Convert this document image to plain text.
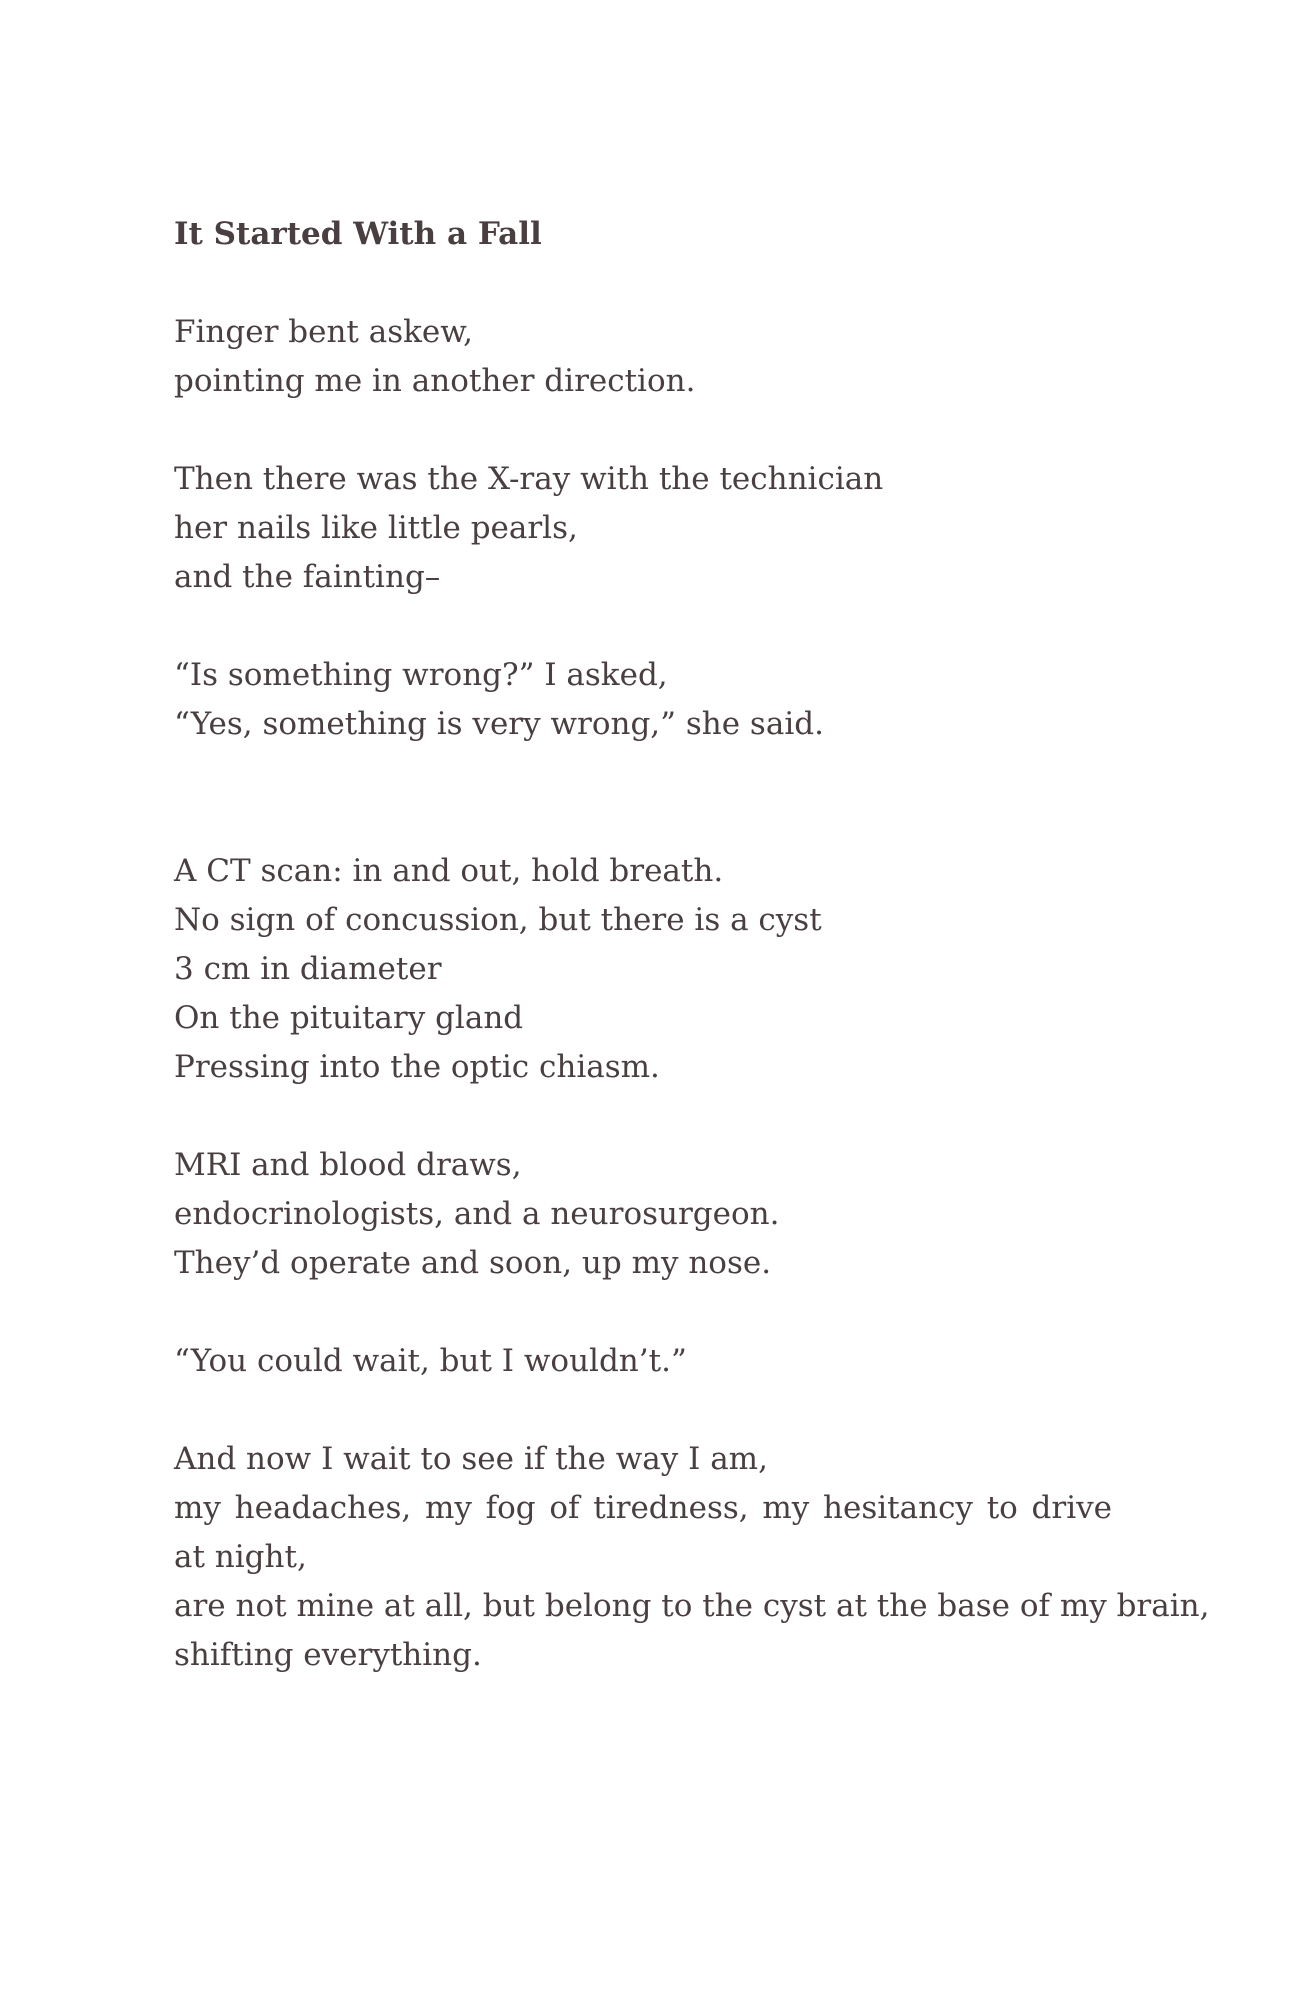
It Started With a Fall
Finger bent askew,
pointing me in another direction.
Then there was the X-ray with the technician
her nails like little pearls,
and the fainting–
“Is something wrong?” I asked,
“Yes, something is very wrong,” she said.
A CT scan: in and out, hold breath.
No sign of concussion, but there is a cyst
3 cm in diameter
On the pituitary gland
Pressing into the optic chiasm.
MRI and blood draws,
endocrinologists, and a neurosurgeon.
They’d operate and soon, up my nose.
“You could wait, but I wouldn’t.”
And now I wait to see if the way I am,
my headaches, my fog of tiredness, my hesitancy to drive at night,
are not mine at all, but belong to the cyst at the base of my brain,
shifting everything.
